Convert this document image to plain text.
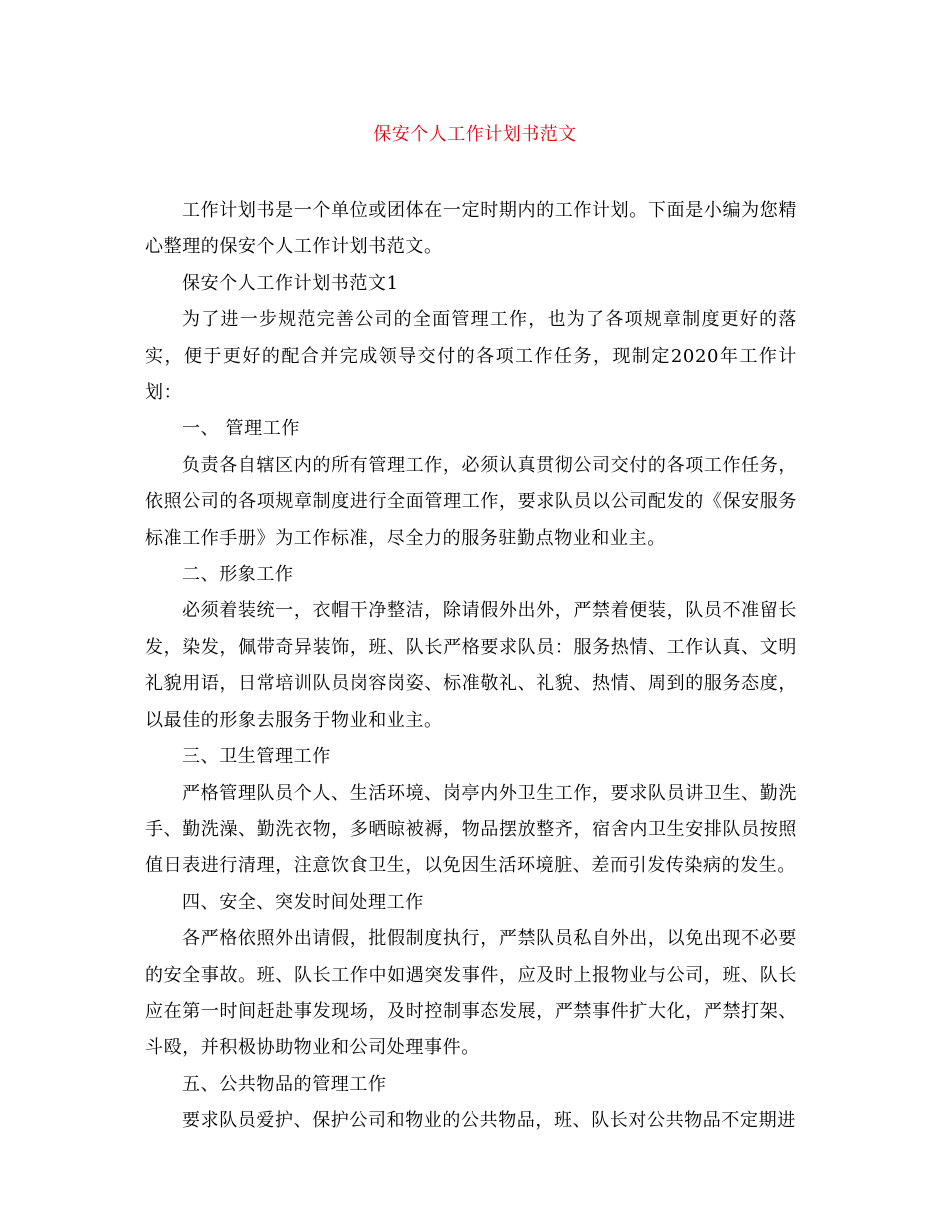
保安个人工作计划书范文

工作计划书是一个单位或团体在一定时期内的工作计划。下面是小编为您精心整理的保安个人工作计划书范文。

保安个人工作计划书范文1

为了进一步规范完善公司的全面管理工作，也为了各项规章制度更好的落实，便于更好的配合并完成领导交付的各项工作任务，现制定2020年工作计划：

一、 管理工作

负责各自辖区内的所有管理工作，必须认真贯彻公司交付的各项工作任务，依照公司的各项规章制度进行全面管理工作，要求队员以公司配发的《保安服务标准工作手册》为工作标准，尽全力的服务驻勤点物业和业主。

二、形象工作

必须着装统一，衣帽干净整洁，除请假外出外，严禁着便装，队员不准留长发，染发，佩带奇异装饰，班、队长严格要求队员：服务热情、工作认真、文明礼貌用语，日常培训队员岗容岗姿、标准敬礼、礼貌、热情、周到的服务态度，以最佳的形象去服务于物业和业主。

三、卫生管理工作

严格管理队员个人、生活环境、岗亭内外卫生工作，要求队员讲卫生、勤洗手、勤洗澡、勤洗衣物，多晒晾被褥，物品摆放整齐，宿舍内卫生安排队员按照值日表进行清理，注意饮食卫生，以免因生活环境脏、差而引发传染病的发生。

四、安全、突发时间处理工作

各严格依照外出请假，批假制度执行，严禁队员私自外出，以免出现不必要的安全事故。班、队长工作中如遇突发事件，应及时上报物业与公司，班、队长应在第一时间赶赴事发现场，及时控制事态发展，严禁事件扩大化，严禁打架、斗殴，并积极协助物业和公司处理事件。

五、公共物品的管理工作

要求队员爱护、保护公司和物业的公共物品，班、队长对公共物品不定期进
